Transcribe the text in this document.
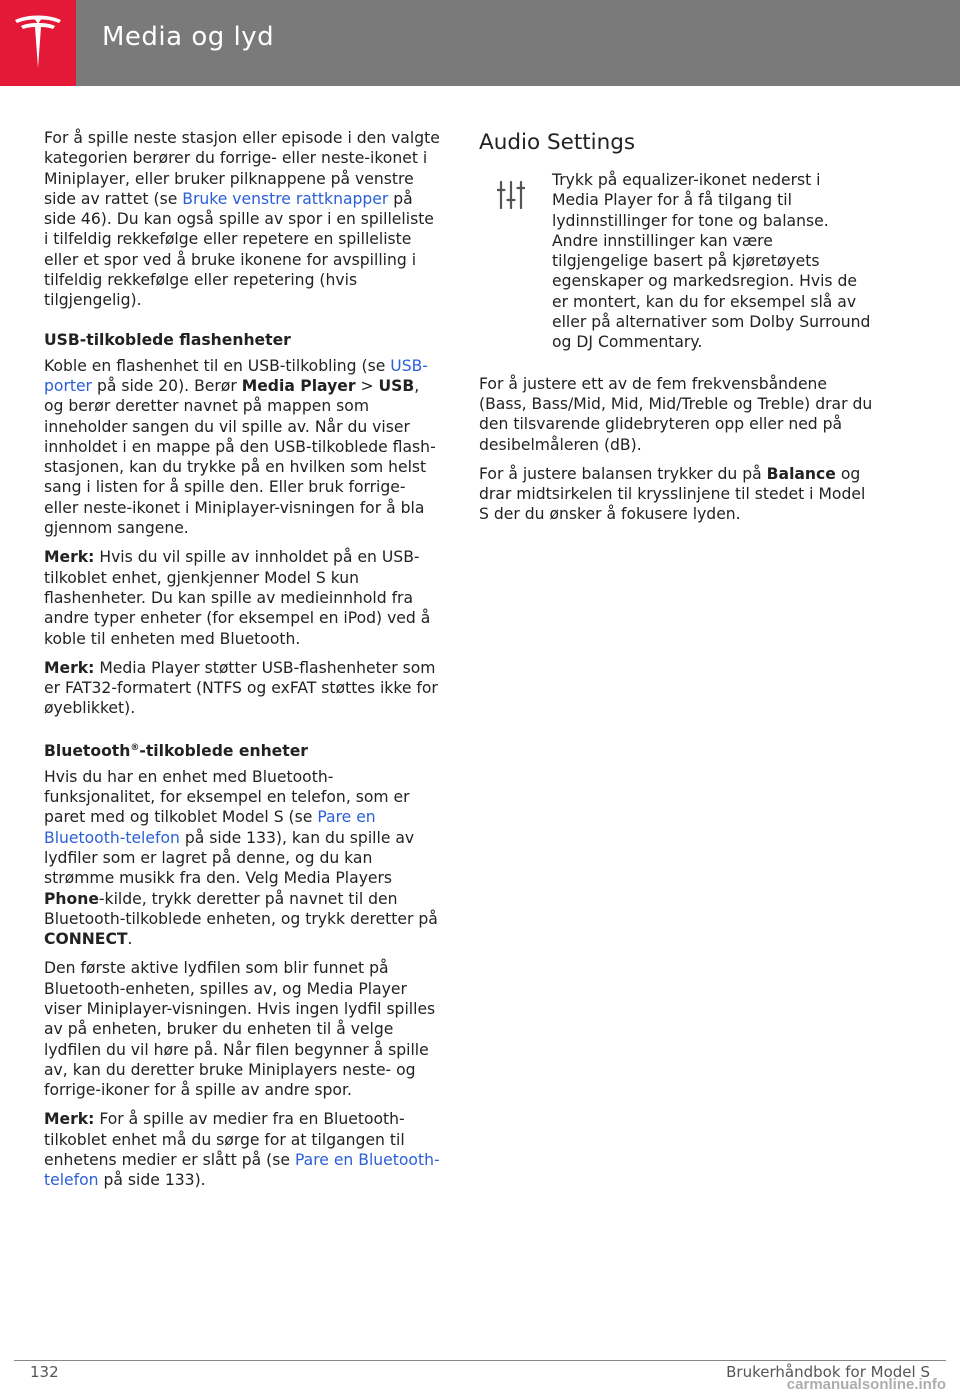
Media og lyd

For å spille neste stasjon eller episode i den valgte kategorien berører du forrige- eller neste-ikonet i Miniplayer, eller bruker pilknappene på venstre side av rattet (se Bruke venstre rattknapper på side 46). Du kan også spille av spor i en spilleliste i tilfeldig rekkefølge eller repetere en spilleliste eller et spor ved å bruke ikonene for avspilling i tilfeldig rekkefølge eller repetering (hvis tilgjengelig).

USB-tilkoblede flashenheter

Koble en flashenhet til en USB-tilkobling (se USB-porter på side 20). Berør Media Player > USB, og berør deretter navnet på mappen som inneholder sangen du vil spille av. Når du viser innholdet i en mappe på den USB-tilkoblede flash-stasjonen, kan du trykke på en hvilken som helst sang i listen for å spille den. Eller bruk forrige- eller neste-ikonet i Miniplayer-visningen for å bla gjennom sangene.

Merk: Hvis du vil spille av innholdet på en USB-tilkoblet enhet, gjenkjenner Model S kun flashenheter. Du kan spille av medieinnhold fra andre typer enheter (for eksempel en iPod) ved å koble til enheten med Bluetooth.

Merk: Media Player støtter USB-flashenheter som er FAT32-formatert (NTFS og exFAT støttes ikke for øyeblikket).

Bluetooth®-tilkoblede enheter

Hvis du har en enhet med Bluetooth-funksjonalitet, for eksempel en telefon, som er paret med og tilkoblet Model S (se Pare en Bluetooth-telefon på side 133), kan du spille av lydfiler som er lagret på denne, og du kan strømme musikk fra den. Velg Media Players Phone-kilde, trykk deretter på navnet til den Bluetooth-tilkoblede enheten, og trykk deretter på CONNECT.

Den første aktive lydfilen som blir funnet på Bluetooth-enheten, spilles av, og Media Player viser Miniplayer-visningen. Hvis ingen lydfil spilles av på enheten, bruker du enheten til å velge lydfilen du vil høre på. Når filen begynner å spille av, kan du deretter bruke Miniplayers neste- og forrige-ikoner for å spille av andre spor.

Merk: For å spille av medier fra en Bluetooth-tilkoblet enhet må du sørge for at tilgangen til enhetens medier er slått på (se Pare en Bluetooth-telefon på side 133).

Audio Settings

Trykk på equalizer-ikonet nederst i Media Player for å få tilgang til lydinnstillinger for tone og balanse. Andre innstillinger kan være tilgjengelige basert på kjøretøyets egenskaper og markedsregion. Hvis de er montert, kan du for eksempel slå av eller på alternativer som Dolby Surround og DJ Commentary.

For å justere ett av de fem frekvensbåndene (Bass, Bass/Mid, Mid, Mid/Treble og Treble) drar du den tilsvarende glidebryteren opp eller ned på desibelmåleren (dB).

For å justere balansen trykker du på Balance og drar midtsirkelen til krysslinjene til stedet i Model S der du ønsker å fokusere lyden.

132	Brukerhåndbok for Model S
carmanualsonline.info
